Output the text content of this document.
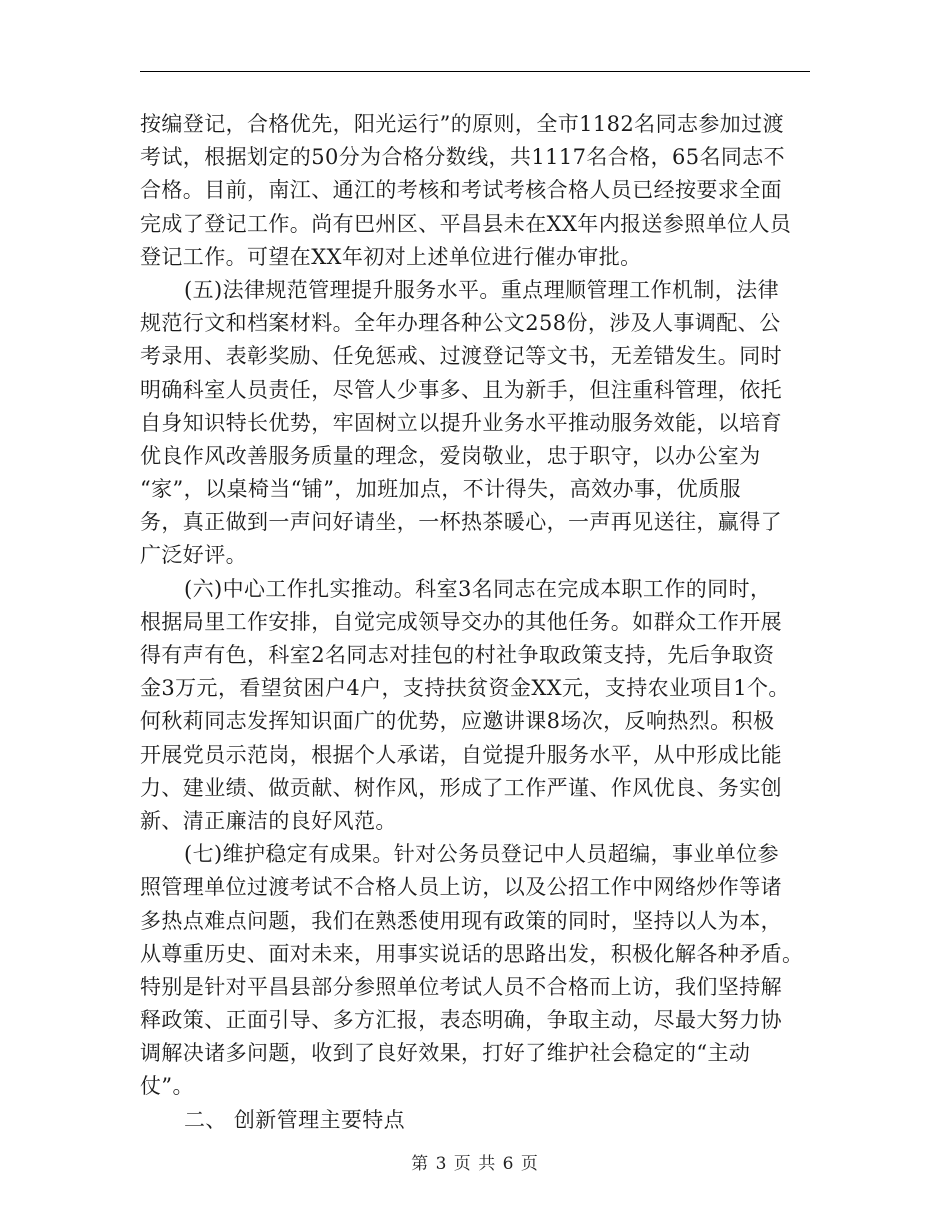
按编登记，合格优先，阳光运行”的原则，全市1182名同志参加过渡
考试，根据划定的50分为合格分数线，共1117名合格，65名同志不
合格。目前，南江、通江的考核和考试考核合格人员已经按要求全面
完成了登记工作。尚有巴州区、平昌县未在XX年内报送参照单位人员
登记工作。可望在XX年初对上述单位进行催办审批。
(五)法律规范管理提升服务水平。重点理顺管理工作机制，法律
规范行文和档案材料。全年办理各种公文258份，涉及人事调配、公
考录用、表彰奖励、任免惩戒、过渡登记等文书，无差错发生。同时
明确科室人员责任，尽管人少事多、且为新手，但注重科管理，依托
自身知识特长优势，牢固树立以提升业务水平推动服务效能，以培育
优良作风改善服务质量的理念，爱岗敬业，忠于职守，以办公室为
“家”，以桌椅当“铺”，加班加点，不计得失，高效办事，优质服
务，真正做到一声问好请坐，一杯热茶暖心，一声再见送往，赢得了
广泛好评。
(六)中心工作扎实推动。科室3名同志在完成本职工作的同时，
根据局里工作安排，自觉完成领导交办的其他任务。如群众工作开展
得有声有色，科室2名同志对挂包的村社争取政策支持，先后争取资
金3万元，看望贫困户4户，支持扶贫资金XX元，支持农业项目1个。
何秋莉同志发挥知识面广的优势，应邀讲课8场次，反响热烈。积极
开展党员示范岗，根据个人承诺，自觉提升服务水平，从中形成比能
力、建业绩、做贡献、树作风，形成了工作严谨、作风优良、务实创
新、清正廉洁的良好风范。
(七)维护稳定有成果。针对公务员登记中人员超编，事业单位参
照管理单位过渡考试不合格人员上访，以及公招工作中网络炒作等诸
多热点难点问题，我们在熟悉使用现有政策的同时，坚持以人为本，
从尊重历史、面对未来，用事实说话的思路出发，积极化解各种矛盾。
特别是针对平昌县部分参照单位考试人员不合格而上访，我们坚持解
释政策、正面引导、多方汇报，表态明确，争取主动，尽最大努力协
调解决诸多问题，收到了良好效果，打好了维护社会稳定的“主动
仗”。
二、 创新管理主要特点
第 3 页 共 6 页
